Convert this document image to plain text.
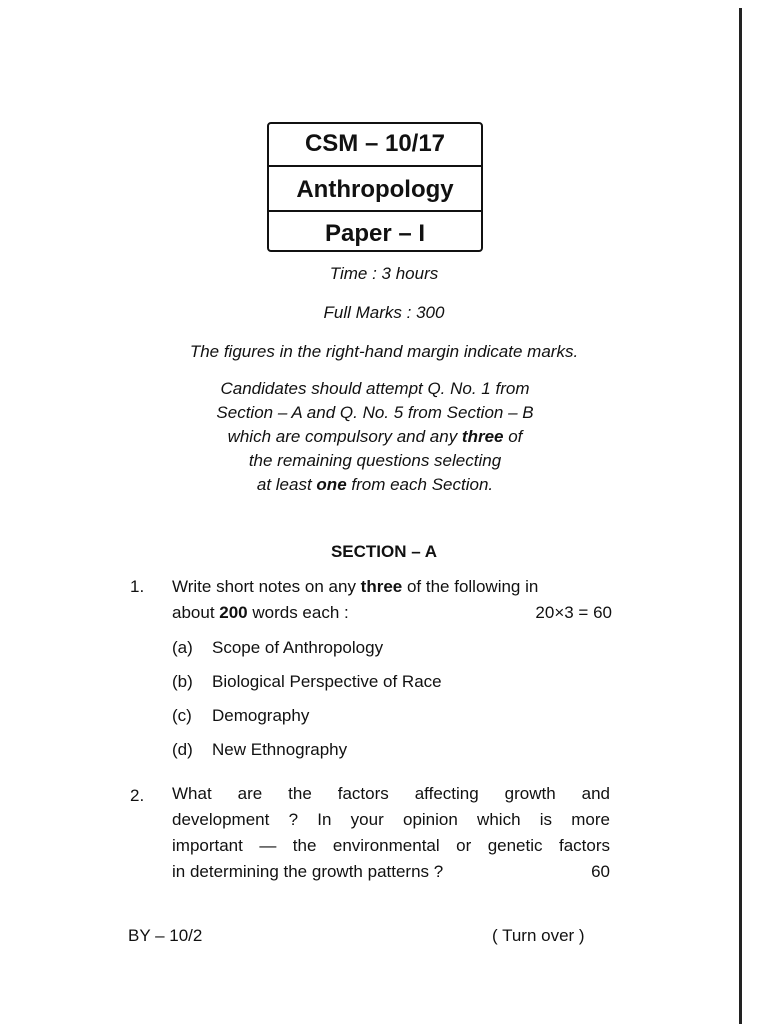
CSM – 10/17
Anthropology
Paper – I
Time : 3 hours
Full Marks : 300
The figures in the right-hand margin indicate marks.
Candidates should attempt Q. No. 1 from
Section – A and Q. No. 5 from Section – B
which are compulsory and any three of
the remaining questions selecting
at least one from each Section.
SECTION – A
1. Write short notes on any three of the following in
about 200 words each :	20×3 = 60
(a) Scope of Anthropology
(b) Biological Perspective of Race
(c) Demography
(d) New Ethnography
2. What are the factors affecting growth and
development ? In your opinion which is more
important — the environmental or genetic factors
in determining the growth patterns ?	60
BY – 10/2	( Turn over )
